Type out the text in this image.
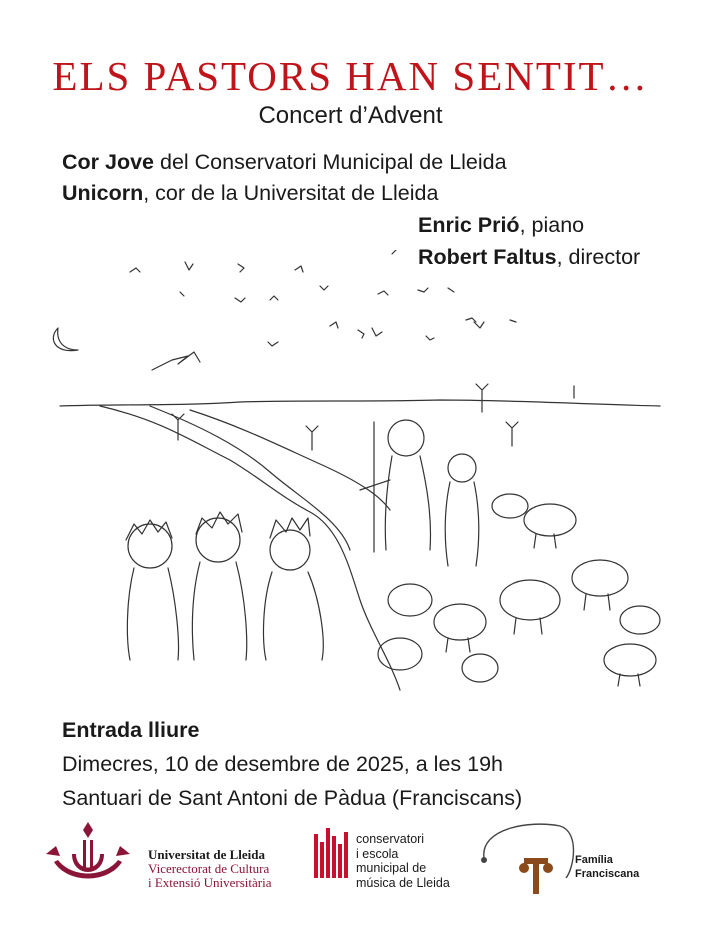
ELS PASTORS HAN SENTIT…
Concert d’Advent
Cor Jove del Conservatori Municipal de Lleida
Unicorn, cor de la Universitat de Lleida
Enric Prió, piano
Robert Faltus, director
Entrada lliure
Dimecres, 10 de desembre de 2025, a les 19h
Santuari de Sant Antoni de Pàdua (Franciscans)
Universitat de Lleida
Vicerectorat de Cultura
i Extensió Universitària
conservatori
i escola
municipal de
música de Lleida
Família
Franciscana
